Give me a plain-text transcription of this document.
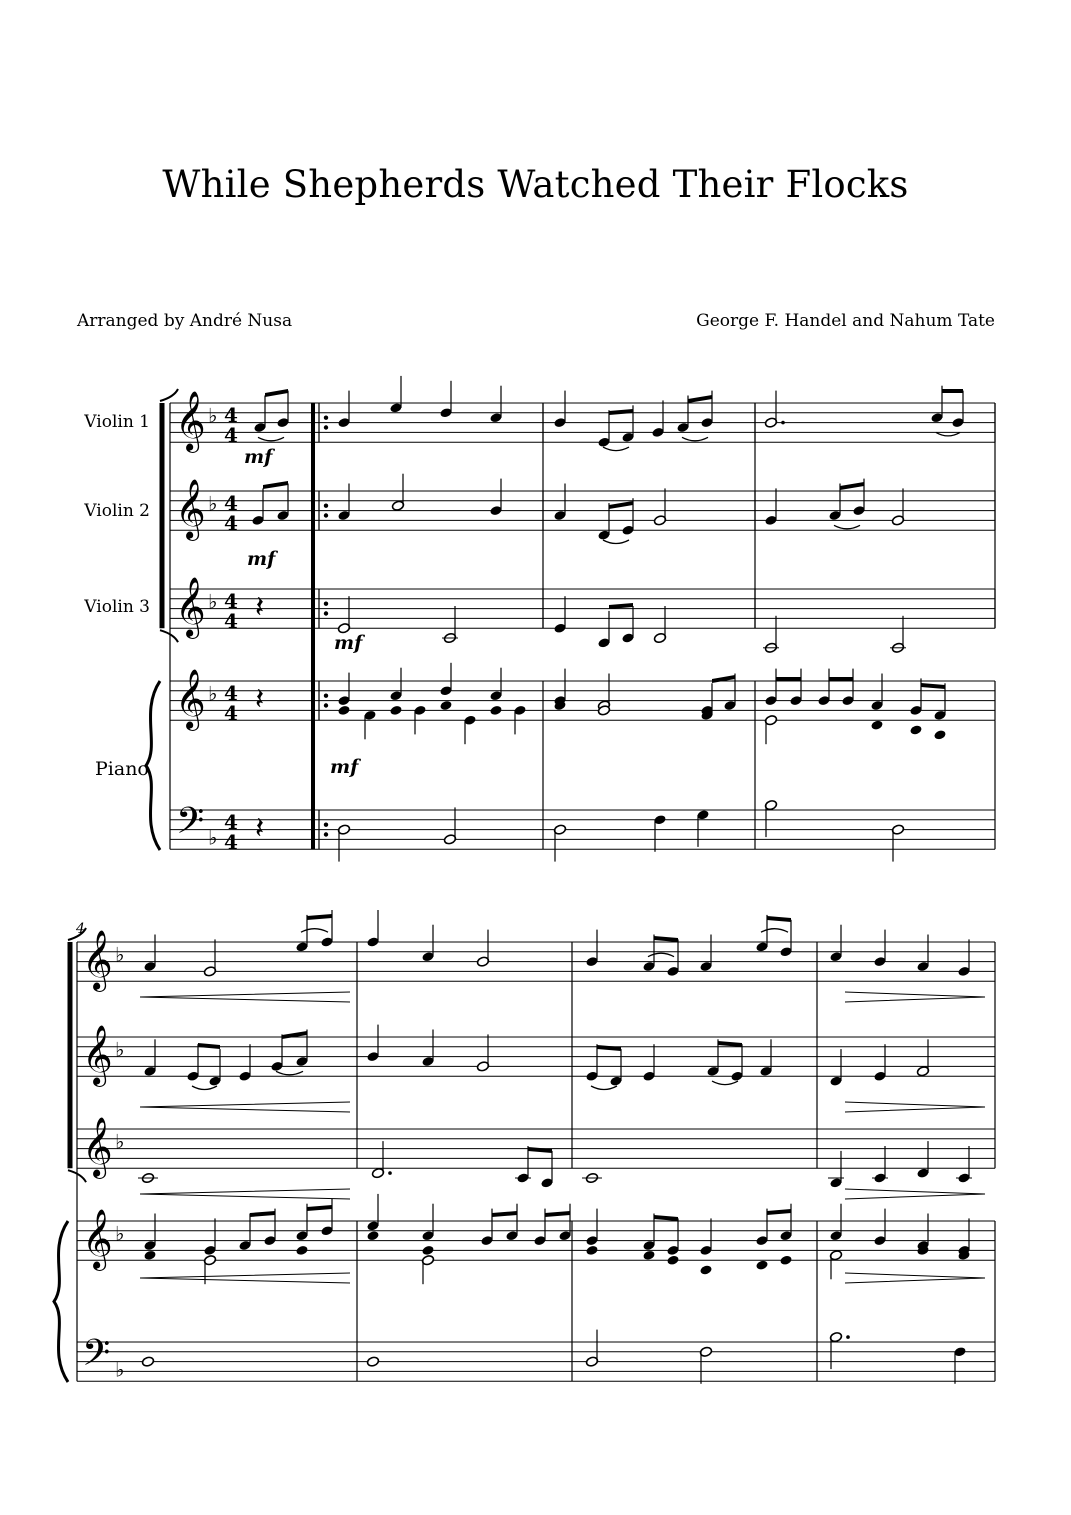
While Shepherds Watched Their Flocks
Arranged by André Nusa	George F. Handel and Nahum Tate
Violin 1
Violin 2
Violin 3
Piano
4
𝄞 ♭ 4
4
𝄞 ♭ 4
4
𝄞 ♭ 4
4
𝄞 ♭ 4
4
𝄢 ♭
4
4
mf
mf
𝄽
mf
𝄽
mf
𝄽
𝄞 ♭
𝄞 ♭
𝄞 ♭
𝄞 ♭
𝄢 ♭
